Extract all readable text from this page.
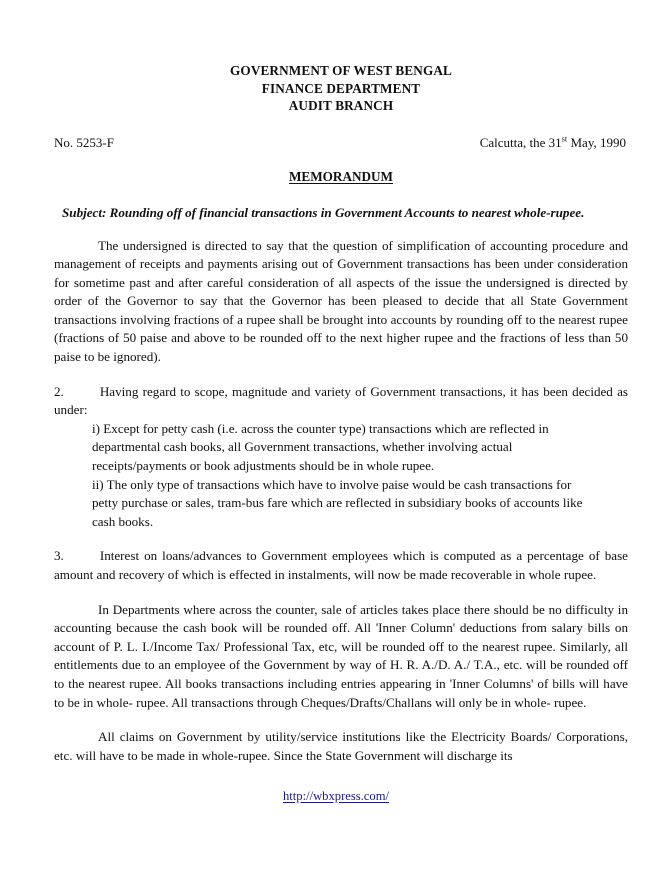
GOVERNMENT OF WEST BENGAL
FINANCE DEPARTMENT
AUDIT BRANCH
No. 5253-F	Calcutta, the 31st May, 1990
MEMORANDUM
Subject: Rounding off of financial transactions in Government Accounts to nearest whole-rupee.

The undersigned is directed to say that the question of simplification of accounting procedure and management of receipts and payments arising out of Government transactions has been under consideration for sometime past and after careful consideration of all aspects of the issue the undersigned is directed by order of the Governor to say that the Governor has been pleased to decide that all State Government transactions involving fractions of a rupee shall be brought into accounts by rounding off to the nearest rupee (fractions of 50 paise and above to be rounded off to the next higher rupee and the fractions of less than 50 paise to be ignored).

2.	Having regard to scope, magnitude and variety of Government transactions, it has been decided as under:

i) Except for petty cash (i.e. across the counter type) transactions which are reflected in departmental cash books, all Government transactions, whether involving actual receipts/payments or book adjustments should be in whole rupee.

ii) The only type of transactions which have to involve paise would be cash transactions for petty purchase or sales, tram-bus fare which are reflected in subsidiary books of accounts like cash books.

3.	Interest on loans/advances to Government employees which is computed as a percentage of base amount and recovery of which is effected in instalments, will now be made recoverable in whole rupee.

In Departments where across the counter, sale of articles takes place there should be no difficulty in accounting because the cash book will be rounded off. All 'Inner Column' deductions from salary bills on account of P. L. I./Income Tax/ Professional Tax, etc, will be rounded off to the nearest rupee. Similarly, all entitlements due to an employee of the Government by way of H. R. A./D. A./ T.A., etc. will be rounded off to the nearest rupee. All books transactions including entries appearing in 'Inner Columns' of bills will have to be in whole- rupee. All transactions through Cheques/Drafts/Challans will only be in whole- rupee.

All claims on Government by utility/service institutions like the Electricity Boards/ Corporations, etc. will have to be made in whole-rupee. Since the State Government will discharge its

http://wbxpress.com/
